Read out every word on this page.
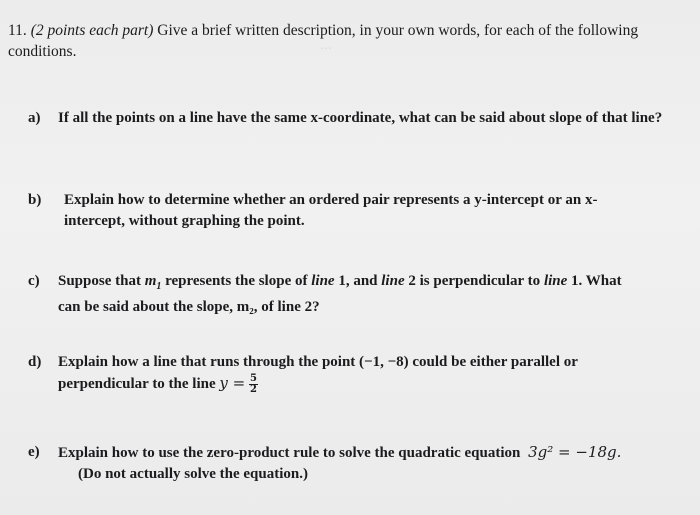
…
11. (2 points each part) Give a brief written description, in your own words, for each of the following conditions.
a) If all the points on a line have the same x-coordinate, what can be said about slope of that line?
b) Explain how to determine whether an ordered pair represents a y-intercept or an x-intercept, without graphing the point.
c) Suppose that $m_1$ represents the slope of line 1, and line 2 is perpendicular to line 1. What
can be said about the slope, m₂, of line 2?
d) Explain how a line that runs through the point (−1, −8) could be either parallel or
perpendicular to the line $y = \frac{5}{2}$
e) Explain how to use the zero-product rule to solve the quadratic equation 3g² = −18g.
(Do not actually solve the equation.)
